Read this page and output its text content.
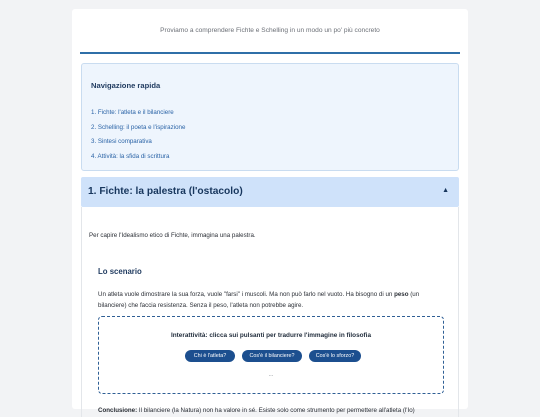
Proviamo a comprendere Fichte e Schelling in un modo un po' più concreto
Navigazione rapida
1. Fichte: l'atleta e il bilanciere
2. Schelling: il poeta e l'ispirazione
3. Sintesi comparativa
4. Attività: la sfida di scrittura
1. Fichte: la palestra (l'ostacolo)	▲
Per capire l'Idealismo etico di Fichte, immagina una palestra.
Lo scenario
Un atleta vuole dimostrare la sua forza, vuole "farsi" i muscoli. Ma non può farlo nel vuoto. Ha bisogno di un peso (un bilanciere) che faccia resistenza. Senza il peso, l'atleta non potrebbe agire.
Interattività: clicca sui pulsanti per tradurre l'immagine in filosofia
Chi è l'atleta?	Cos'è il bilanciere?	Cos'è lo sforzo?
...
Conclusione: Il bilanciere (la Natura) non ha valore in sé. Esiste solo come strumento per permettere all'atleta (l'Io)
